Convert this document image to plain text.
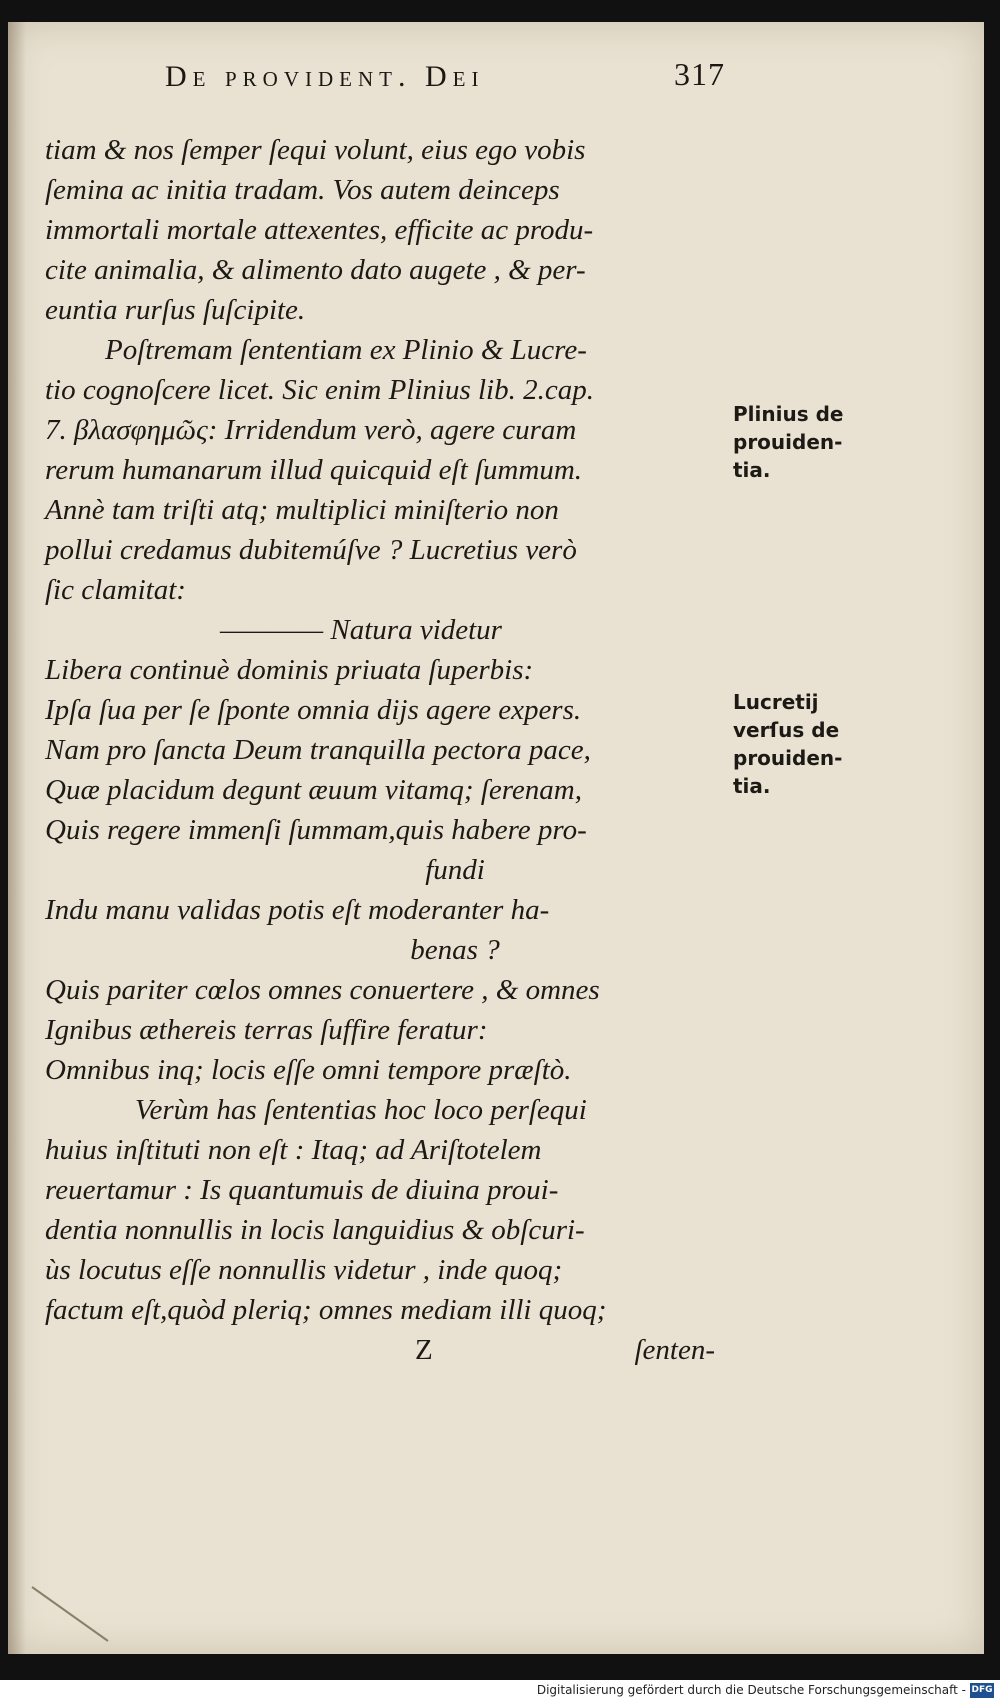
De provident. Dei	317
tiam & nos ſemper ſequi volunt, eius ego vobis
ſemina ac initia tradam. Vos autem deinceps
immortali mortale attexentes, efficite ac produ-
cite animalia, & alimento dato augete , & per-
euntia rurſus ſuſcipite.
Poſtremam ſententiam ex Plinio & Lucre-
tio cognoſcere licet. Sic enim Plinius lib. 2.cap.
7. βλασφημῶς: Irridendum verò, agere curam
rerum humanarum illud quicquid eſt ſummum.
Annè tam triſti atq; multiplici miniſterio non
pollui credamus dubitemúſve ? Lucretius verò
ſic clamitat:
———— Natura videtur
Libera continuè dominis priuata ſuperbis:
Ipſa ſua per ſe ſponte omnia dijs agere expers.
Nam pro ſancta Deum tranquilla pectora pace,
Quæ placidum degunt æuum vitamq; ſerenam,
Quis regere immenſi ſummam,quis habere pro-
fundi
Indu manu validas potis eſt moderanter ha-
benas ?
Quis pariter cœlos omnes conuertere , & omnes
Ignibus æthereis terras ſuffire feratur:
Omnibus inq; locis eſſe omni tempore præſtò.
Verùm has ſententias hoc loco perſequi
huius inſtituti non eſt : Itaq; ad Ariſtotelem
reuertamur : Is quantumuis de diuina proui-
dentia nonnullis in locis languidius & obſcuri-
ùs locutus eſſe nonnullis videtur , inde quoq;
factum eſt,quòd pleriq; omnes mediam illi quoq;
Z	ſenten-
Plinius de
prouiden-
tia.
Lucretij
verſus de
prouiden-
tia.
Digitalisierung gefördert durch die Deutsche Forschungsgemeinschaft - DFG
